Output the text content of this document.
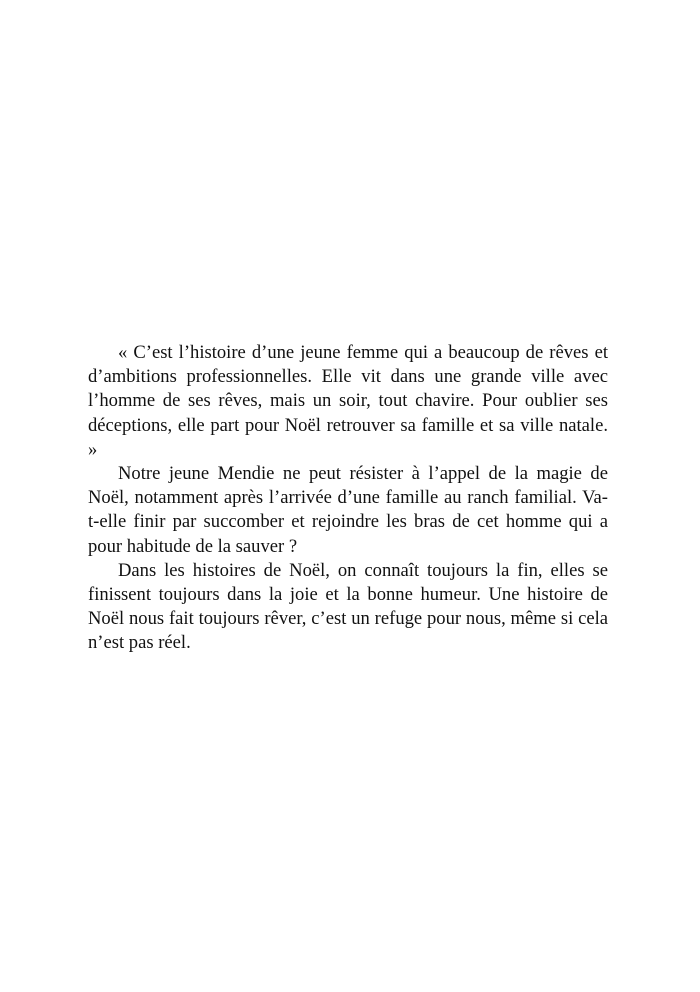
« C’est l’histoire d’une jeune femme qui a beaucoup de rêves et d’ambitions professionnelles. Elle vit dans une grande ville avec l’homme de ses rêves, mais un soir, tout chavire. Pour oublier ses déceptions, elle part pour Noël retrouver sa famille et sa ville natale. »

Notre jeune Mendie ne peut résister à l’appel de la magie de Noël, notamment après l’arrivée d’une famille au ranch familial. Va-t-elle finir par succomber et rejoindre les bras de cet homme qui a pour habitude de la sauver ?

Dans les histoires de Noël, on connaît toujours la fin, elles se finissent toujours dans la joie et la bonne humeur. Une histoire de Noël nous fait toujours rêver, c’est un refuge pour nous, même si cela n’est pas réel.
